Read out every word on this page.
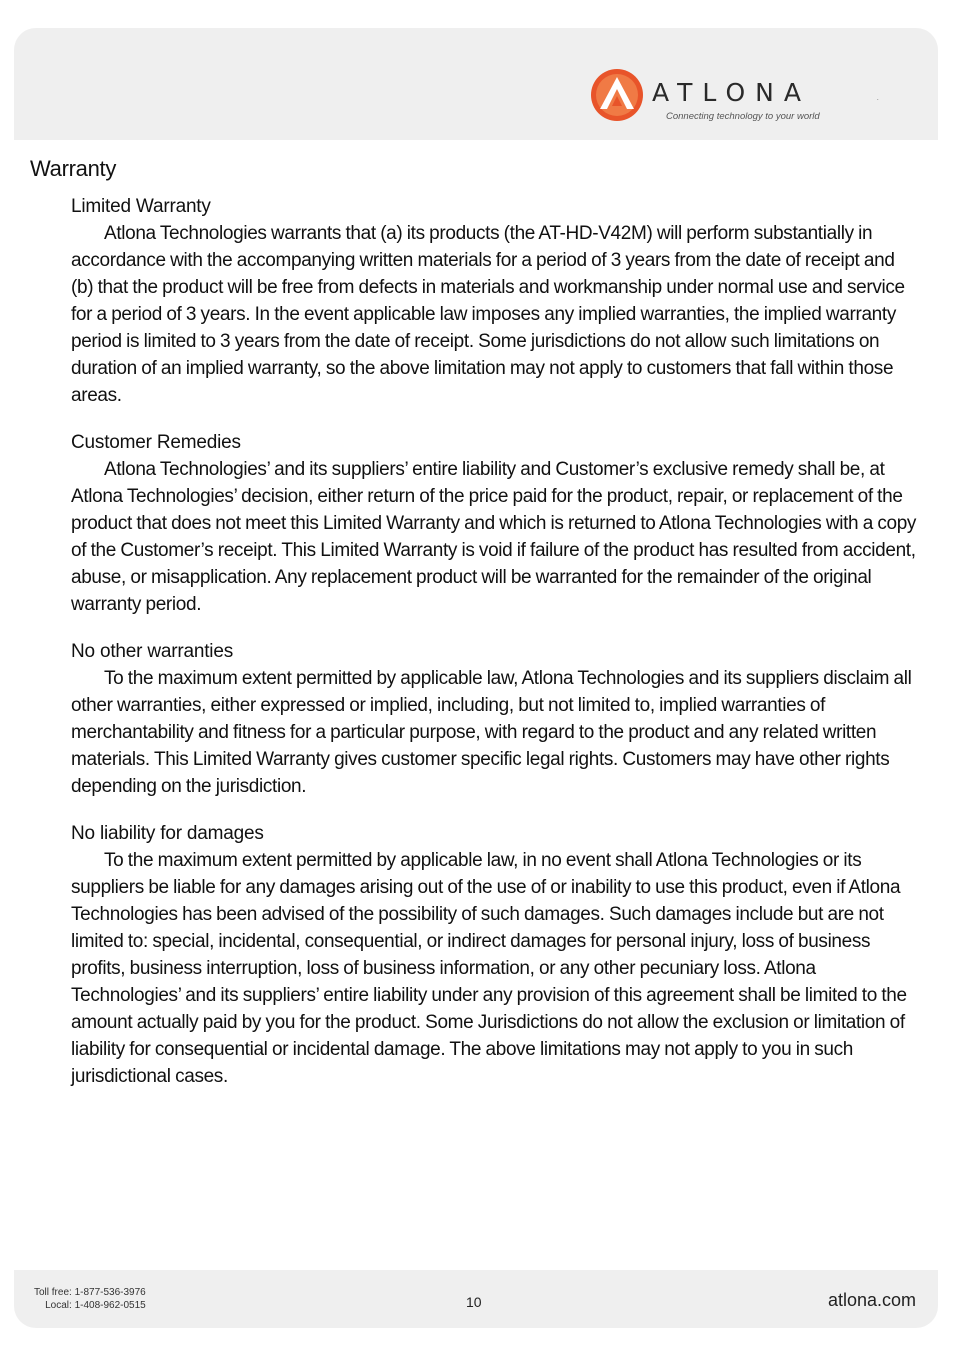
ATLONA	.
Connecting technology to your world
Warranty
Limited Warranty

Atlona Technologies warrants that (a) its products (the AT-HD-V42M) will perform substantially in accordance with the accompanying written materials for a period of 3 years from the date of receipt and (b) that the product will be free from defects in materials and workmanship under normal use and service for a period of 3 years. In the event applicable law imposes any implied warranties, the implied warranty period is limited to 3 years from the date of receipt. Some jurisdictions do not allow such limitations on duration of an implied warranty, so the above limitation may not apply to customers that fall within those areas.

Customer Remedies

Atlona Technologies’ and its suppliers’ entire liability and Customer’s exclusive remedy shall be, at Atlona Technologies’ decision, either return of the price paid for the product, repair, or replacement of the product that does not meet this Limited Warranty and which is returned to Atlona Technologies with a copy of the Customer’s receipt. This Limited Warranty is void if failure of the product has resulted from accident, abuse, or misapplication. Any replacement product will be warranted for the remainder of the original warranty period.

No other warranties

To the maximum extent permitted by applicable law, Atlona Technologies and its suppliers disclaim all other warranties, either expressed or implied, including, but not limited to, implied warranties of merchantability and fitness for a particular purpose, with regard to the product and any related written materials. This Limited Warranty gives customer specific legal rights. Customers may have other rights depending on the jurisdiction.

No liability for damages

To the maximum extent permitted by applicable law, in no event shall Atlona Technologies or its suppliers be liable for any damages arising out of the use of or inability to use this product, even if Atlona Technologies has been advised of the possibility of such damages. Such damages include but are not limited to: special, incidental, consequential, or indirect damages for personal injury, loss of business profits, business interruption, loss of business information, or any other pecuniary loss. Atlona Technologies’ and its suppliers’ entire liability under any provision of this agreement shall be limited to the amount actually paid by you for the product. Some Jurisdictions do not allow the exclusion or limitation of liability for consequential or incidental damage. The above limitations may not apply to you in such jurisdictional cases.

Toll free: 1-877-536-3976
Local: 1-408-962-0515	10	atlona.com
